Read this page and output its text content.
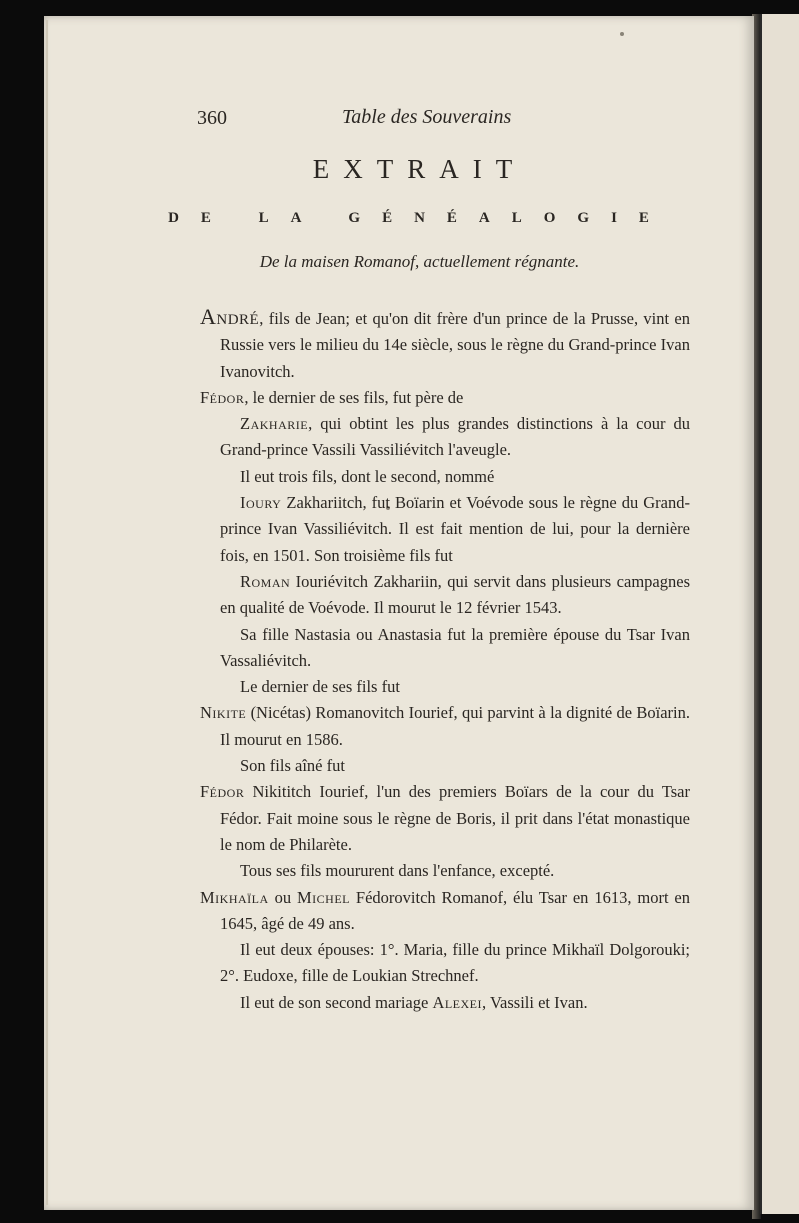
360	Table des Souverains
EXTRAIT
DE LA GÉNÉALOGIE
De la maisen Romanof, actuellement régnante.

André, fils de Jean; et qu'on dit frère d'un prince de la Prusse, vint en Russie vers le milieu du 14e siècle, sous le règne du Grand-prince Ivan Ivanovitch.

Fédor, le dernier de ses fils, fut père de

Zakharie, qui obtint les plus grandes distinctions à la cour du Grand-prince Vassili Vassiliévitch l'aveugle.

Il eut trois fils, dont le second, nommé

Ioury Zakhariitch, fut Boïarin et Voévode sous le règne du Grand-prince Ivan Vassiliévitch. Il est fait mention de lui, pour la dernière fois, en 1501. Son troisième fils fut

Roman Iouriévitch Zakhariin, qui servit dans plusieurs campagnes en qualité de Voévode. Il mourut le 12 février 1543.

Sa fille Nastasia ou Anastasia fut la première épouse du Tsar Ivan Vassaliévitch.

Le dernier de ses fils fut

Nikite (Nicétas) Romanovitch Iourief, qui parvint à la dignité de Boïarin. Il mourut en 1586.

Son fils aîné fut

Fédor Nikititch Iourief, l'un des premiers Boïars de la cour du Tsar Fédor. Fait moine sous le règne de Boris, il prit dans l'état monastique le nom de Philarète.

Tous ses fils moururent dans l'enfance, excepté.

Mikhaïla ou Michel Fédorovitch Romanof, élu Tsar en 1613, mort en 1645, âgé de 49 ans.

Il eut deux épouses: 1°. Maria, fille du prince Mikhaïl Dolgorouki; 2°. Eudoxe, fille de Loukian Strechnef.

Il eut de son second mariage Alexei, Vassili et Ivan.
